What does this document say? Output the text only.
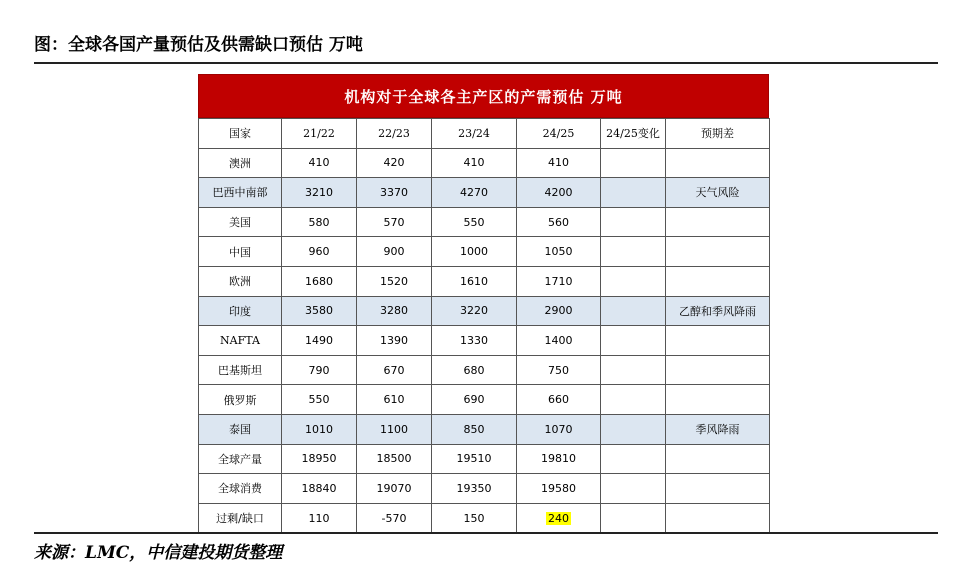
图：全球各国产量预估及供需缺口预估 万吨
机构对于全球各主产区的产需预估 万吨
国家	21/22	22/23	23/24	24/25	24/25变化	预期差
澳洲	410	420	410	410		
巴西中南部	3210	3370	4270	4200		天气风险
美国	580	570	550	560		
中国	960	900	1000	1050		
欧洲	1680	1520	1610	1710		
印度	3580	3280	3220	2900		乙醇和季风降雨
NAFTA	1490	1390	1330	1400		
巴基斯坦	790	670	680	750		
俄罗斯	550	610	690	660		
泰国	1010	1100	850	1070		季风降雨
全球产量	18950	18500	19510	19810		
全球消费	18840	19070	19350	19580		
过剩/缺口	110	-570	150	240		
来源：LMC，中信建投期货整理
